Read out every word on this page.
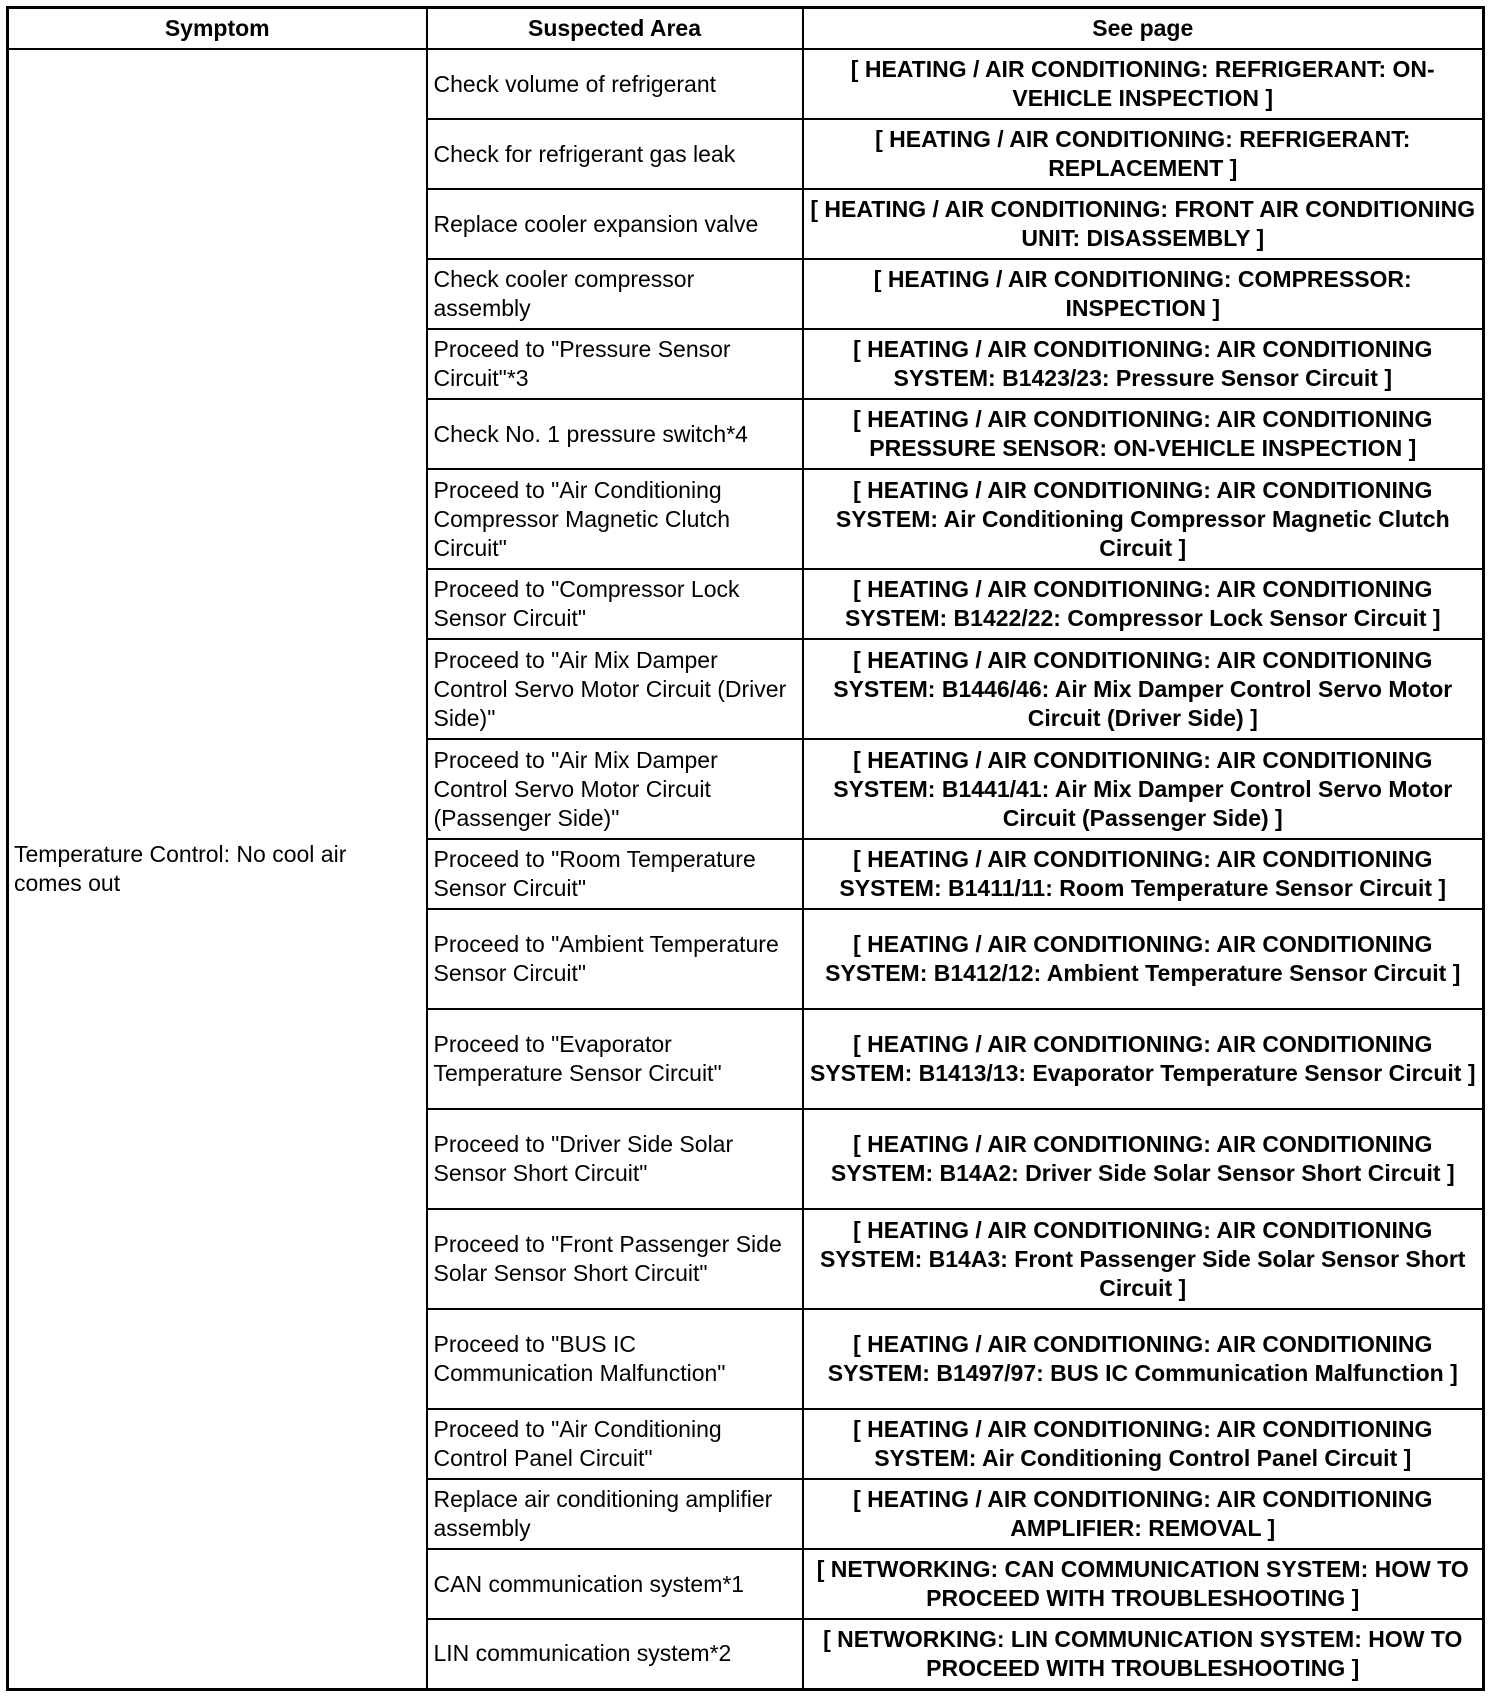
Symptom	Suspected Area	See page
Temperature Control: No cool air comes out	Check volume of refrigerant	[ HEATING / AIR CONDITIONING: REFRIGERANT: ON-VEHICLE INSPECTION ]
	Check for refrigerant gas leak	[ HEATING / AIR CONDITIONING: REFRIGERANT: REPLACEMENT ]
	Replace cooler expansion valve	[ HEATING / AIR CONDITIONING: FRONT AIR CONDITIONING UNIT: DISASSEMBLY ]
	Check cooler compressor assembly	[ HEATING / AIR CONDITIONING: COMPRESSOR: INSPECTION ]
	Proceed to "Pressure Sensor Circuit"*3	[ HEATING / AIR CONDITIONING: AIR CONDITIONING SYSTEM: B1423/23: Pressure Sensor Circuit ]
	Check No. 1 pressure switch*4	[ HEATING / AIR CONDITIONING: AIR CONDITIONING PRESSURE SENSOR: ON-VEHICLE INSPECTION ]
	Proceed to "Air Conditioning Compressor Magnetic Clutch Circuit"	[ HEATING / AIR CONDITIONING: AIR CONDITIONING SYSTEM: Air Conditioning Compressor Magnetic Clutch Circuit ]
	Proceed to "Compressor Lock Sensor Circuit"	[ HEATING / AIR CONDITIONING: AIR CONDITIONING SYSTEM: B1422/22: Compressor Lock Sensor Circuit ]
	Proceed to "Air Mix Damper Control Servo Motor Circuit (Driver Side)"	[ HEATING / AIR CONDITIONING: AIR CONDITIONING SYSTEM: B1446/46: Air Mix Damper Control Servo Motor Circuit (Driver Side) ]
	Proceed to "Air Mix Damper Control Servo Motor Circuit (Passenger Side)"	[ HEATING / AIR CONDITIONING: AIR CONDITIONING SYSTEM: B1441/41: Air Mix Damper Control Servo Motor Circuit (Passenger Side) ]
	Proceed to "Room Temperature Sensor Circuit"	[ HEATING / AIR CONDITIONING: AIR CONDITIONING SYSTEM: B1411/11: Room Temperature Sensor Circuit ]
	Proceed to "Ambient Temperature Sensor Circuit"	[ HEATING / AIR CONDITIONING: AIR CONDITIONING SYSTEM: B1412/12: Ambient Temperature Sensor Circuit ]
	Proceed to "Evaporator Temperature Sensor Circuit"	[ HEATING / AIR CONDITIONING: AIR CONDITIONING SYSTEM: B1413/13: Evaporator Temperature Sensor Circuit ]
	Proceed to "Driver Side Solar Sensor Short Circuit"	[ HEATING / AIR CONDITIONING: AIR CONDITIONING SYSTEM: B14A2: Driver Side Solar Sensor Short Circuit ]
	Proceed to "Front Passenger Side Solar Sensor Short Circuit"	[ HEATING / AIR CONDITIONING: AIR CONDITIONING SYSTEM: B14A3: Front Passenger Side Solar Sensor Short Circuit ]
	Proceed to "BUS IC Communication Malfunction"	[ HEATING / AIR CONDITIONING: AIR CONDITIONING SYSTEM: B1497/97: BUS IC Communication Malfunction ]
	Proceed to "Air Conditioning Control Panel Circuit"	[ HEATING / AIR CONDITIONING: AIR CONDITIONING SYSTEM: Air Conditioning Control Panel Circuit ]
	Replace air conditioning amplifier assembly	[ HEATING / AIR CONDITIONING: AIR CONDITIONING AMPLIFIER: REMOVAL ]
	CAN communication system*1	[ NETWORKING: CAN COMMUNICATION SYSTEM: HOW TO PROCEED WITH TROUBLESHOOTING ]
	LIN communication system*2	[ NETWORKING: LIN COMMUNICATION SYSTEM: HOW TO PROCEED WITH TROUBLESHOOTING ]
